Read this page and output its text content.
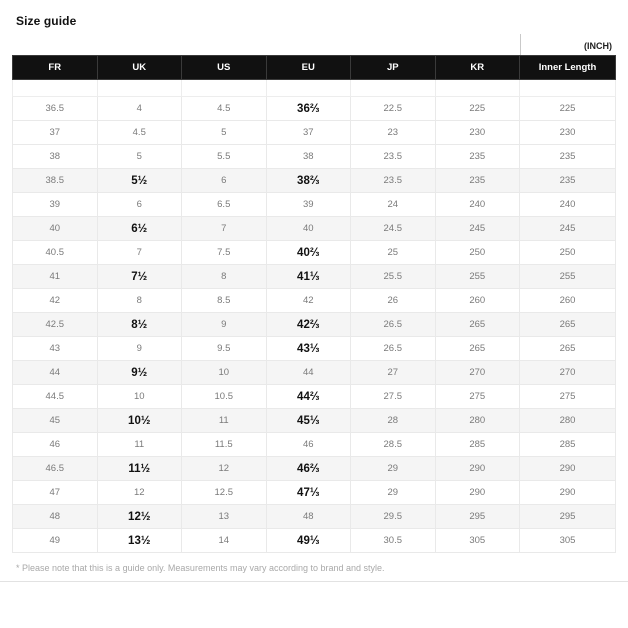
Size guide
(INCH)
FR	UK	US	EU	JP	KR	Inner Length

36.5	4	4.5	36⅔	22.5	225	225
37	4.5	5	37	23	230	230
38	5	5.5	38	23.5	235	235
38.5	5½	6	38⅔	23.5	235	235
39	6	6.5	39	24	240	240
40	6½	7	40	24.5	245	245
40.5	7	7.5	40⅔	25	250	250
41	7½	8	41⅓	25.5	255	255
42	8	8.5	42	26	260	260
42.5	8½	9	42⅔	26.5	265	265
43	9	9.5	43⅓	26.5	265	265
44	9½	10	44	27	270	270
44.5	10	10.5	44⅔	27.5	275	275
45	10½	11	45⅓	28	280	280
46	11	11.5	46	28.5	285	285
46.5	11½	12	46⅔	29	290	290
47	12	12.5	47⅓	29	290	290
48	12½	13	48	29.5	295	295
49	13½	14	49⅓	30.5	305	305

* Please note that this is a guide only. Measurements may vary according to brand and style.
